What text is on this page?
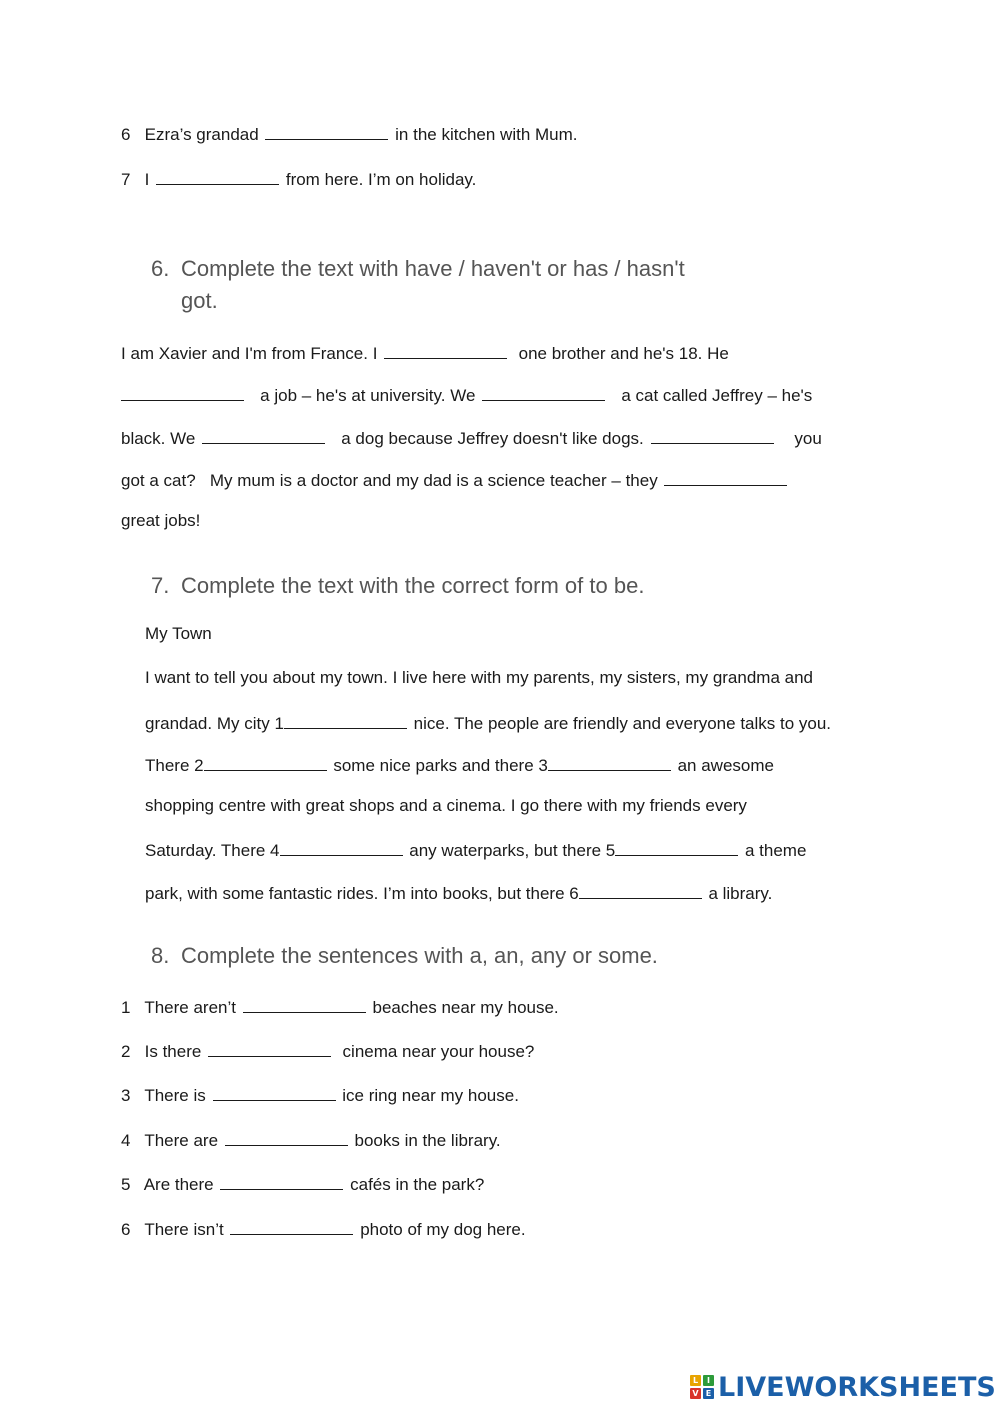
6 Ezra’s grandad	in the kitchen with Mum.
7 I	from here. I’m on holiday.
6. Complete the text with have / haven't or has / hasn't
got.
I am Xavier and I'm from France. I	one brother and he's 18. He
a job – he's at university. We	a cat called Jeffrey – he's
black. We	a dog because Jeffrey doesn't like dogs.	you
got a cat?   My mum is a doctor and my dad is a science teacher – they
great jobs!
7. Complete the text with the correct form of to be.
My Town
I want to tell you about my town. I live here with my parents, my sisters, my grandma and
grandad. My city 1	nice. The people are friendly and everyone talks to you.
There 2	some nice parks and there 3	an awesome
shopping centre with great shops and a cinema. I go there with my friends every
Saturday. There 4	any waterparks, but there 5	a theme
park, with some fantastic rides. I’m into books, but there 6	a library.
8. Complete the sentences with a, an, any or some.
1 There aren’t	beaches near my house.
2 Is there	cinema near your house?
3 There is	ice ring near my house.
4 There are	books in the library.
5 Are there	cafés in the park?
6 There isn’t	photo of my dog here.
L	I
V E LIVEWORKSHEETS
